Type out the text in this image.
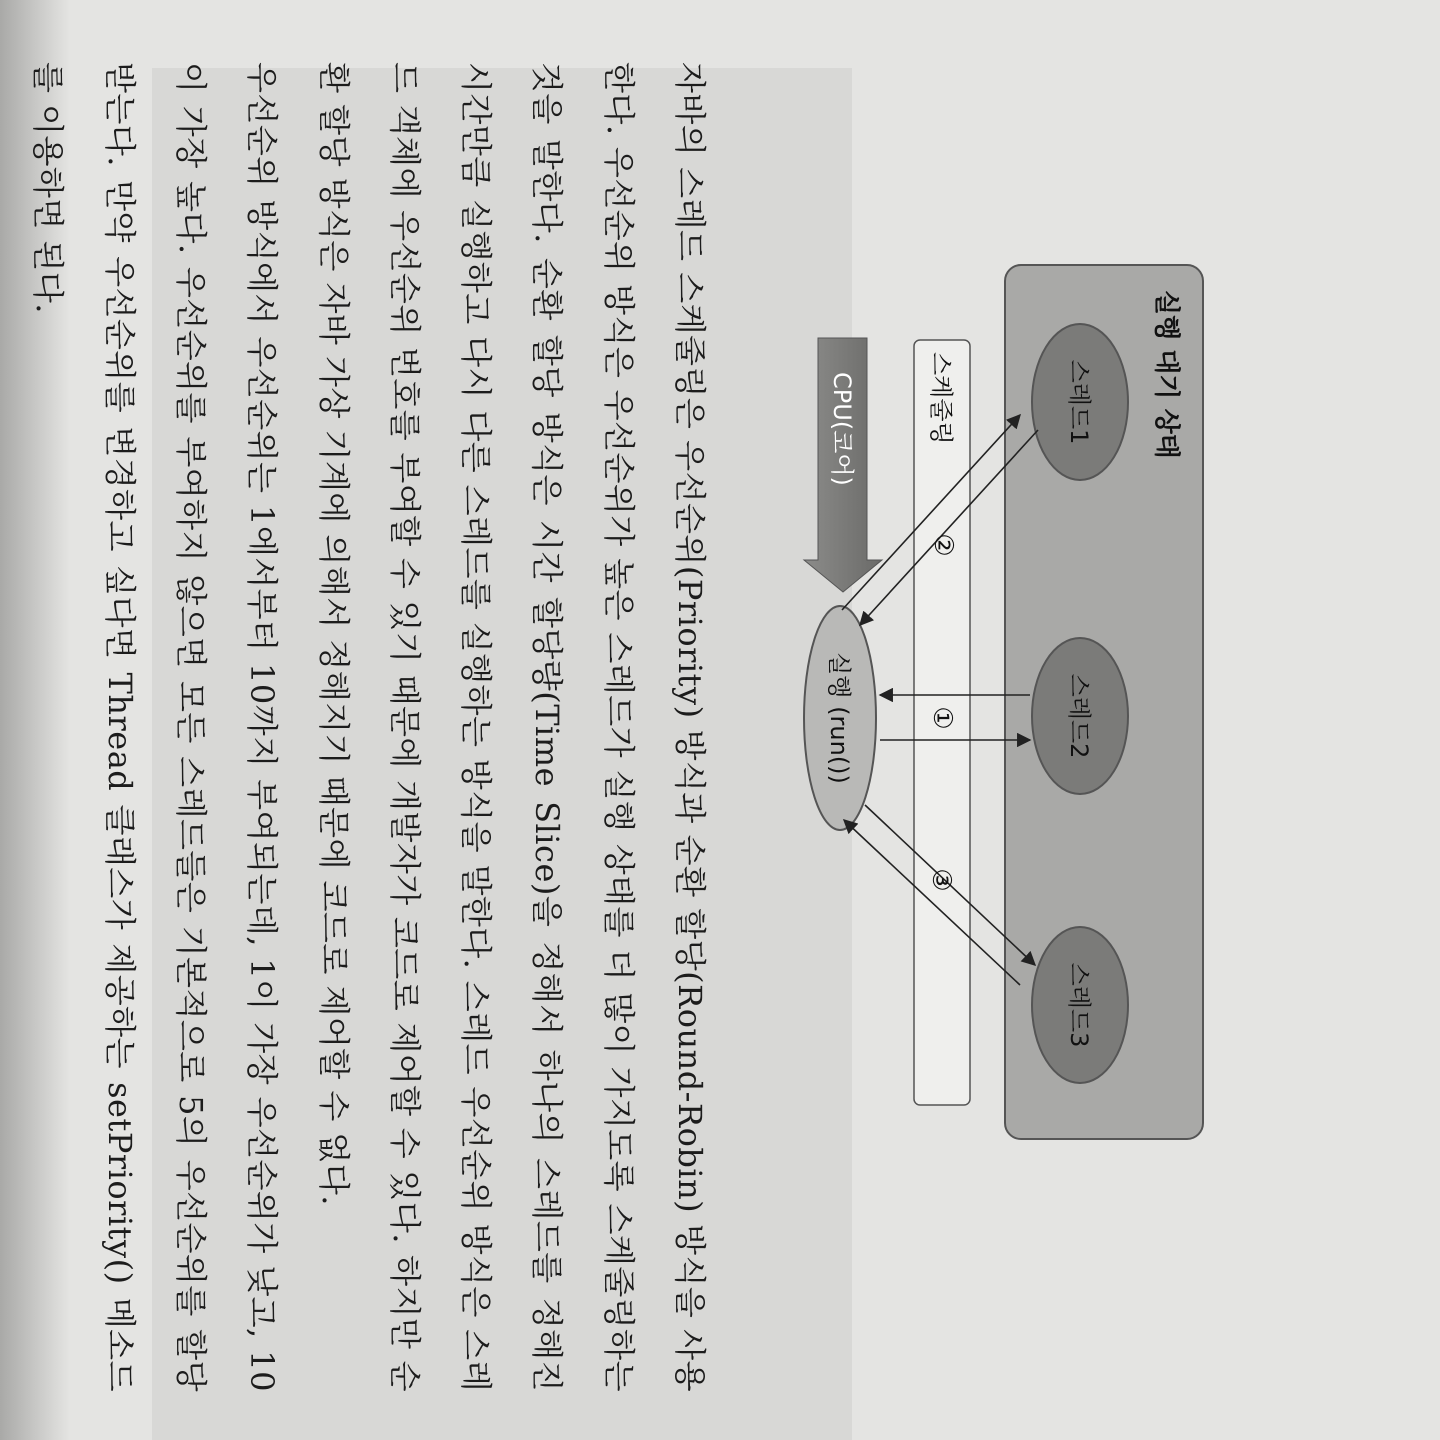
실행 대기 상태
스레드1
스레드2
스레드3
스케줄링
CPU(코어)
실행 (run())
②
①
③

자바의 스레드 스케줄링은 우선순위(Priority) 방식과 순환 할당(Round-Robin) 방식을 사용한다. 우선순위 방식은 우선순위가 높은 스레드가 실행 상태를 더 많이 가지도록 스케줄링하는 것을 말한다. 순환 할당 방식은 시간 할당량(Time Slice)을 정해서 하나의 스레드를 정해진 시간만큼 실행하고 다시 다른 스레드를 실행하는 방식을 말한다. 스레드 우선순위 방식은 스레드 객체에 우선순위 번호를 부여할 수 있기 때문에 개발자가 코드로 제어할 수 있다. 하지만 순환 할당 방식은 자바 가상 기계에 의해서 정해지기 때문에 코드로 제어할 수 없다.

우선순위 방식에서 우선순위는 1에서부터 10까지 부여되는데, 1이 가장 우선순위가 낮고, 10이 가장 높다. 우선순위를 부여하지 않으면 모든 스레드들은 기본적으로 5의 우선순위를 할당받는다. 만약 우선순위를 변경하고 싶다면 Thread 클래스가 제공하는 setPriority() 메소드를 이용하면 된다.
